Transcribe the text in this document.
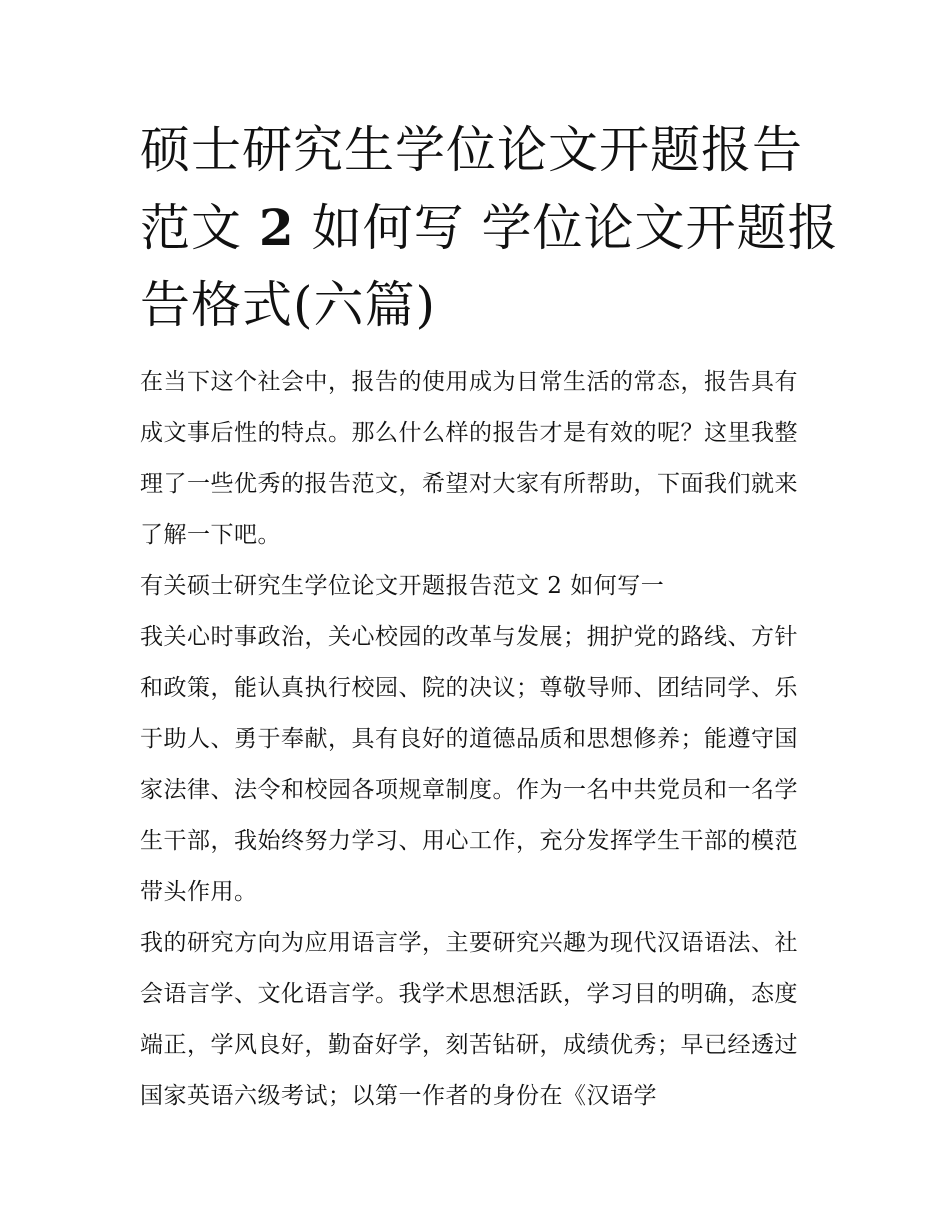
硕士研究生学位论文开题报告
范文 2 如何写 学位论文开题报
告格式(六篇)

在当下这个社会中，报告的使用成为日常生活的常态，报告具有成文事后性的特点。那么什么样的报告才是有效的呢？这里我整理了一些优秀的报告范文，希望对大家有所帮助，下面我们就来了解一下吧。

有关硕士研究生学位论文开题报告范文 2 如何写一

我关心时事政治，关心校园的改革与发展；拥护党的路线、方针和政策，能认真执行校园、院的决议；尊敬导师、团结同学、乐于助人、勇于奉献，具有良好的道德品质和思想修养；能遵守国家法律、法令和校园各项规章制度。作为一名中共党员和一名学生干部，我始终努力学习、用心工作，充分发挥学生干部的模范带头作用。

我的研究方向为应用语言学，主要研究兴趣为现代汉语语法、社会语言学、文化语言学。我学术思想活跃，学习目的明确，态度端正，学风良好，勤奋好学，刻苦钻研，成绩优秀；早已经透过国家英语六级考试；以第一作者的身份在《汉语学
